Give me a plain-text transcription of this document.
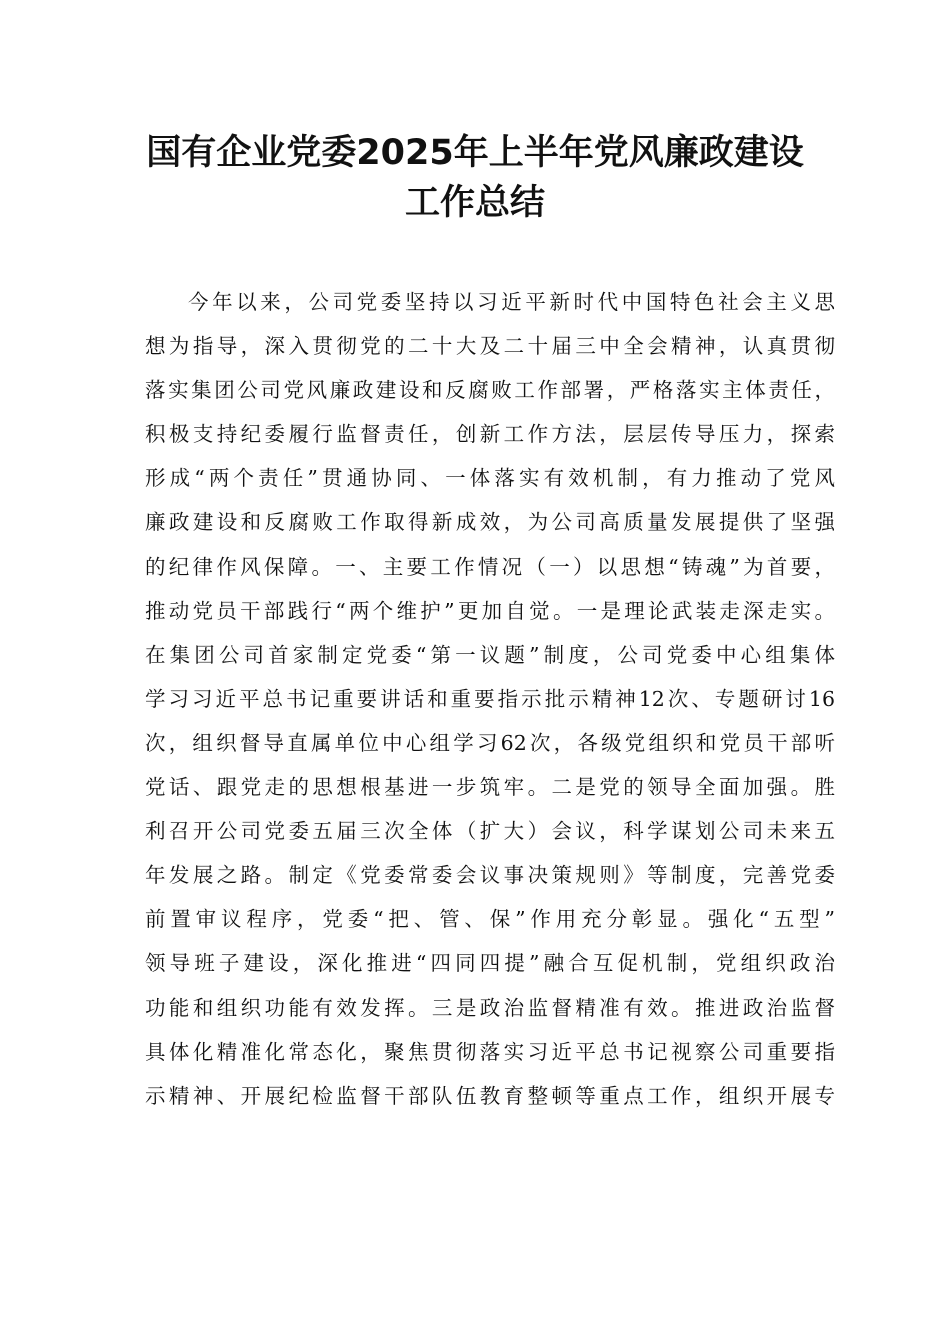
国有企业党委2025年上半年党风廉政建设
工作总结
今年以来，公司党委坚持以习近平新时代中国特色社会主义思
想为指导，深入贯彻党的二十大及二十届三中全会精神，认真贯彻
落实集团公司党风廉政建设和反腐败工作部署，严格落实主体责任，
积极支持纪委履行监督责任，创新工作方法，层层传导压力，探索
形成“两个责任”贯通协同、一体落实有效机制，有力推动了党风
廉政建设和反腐败工作取得新成效，为公司高质量发展提供了坚强
的纪律作风保障。一、主要工作情况（一）以思想“铸魂”为首要，
推动党员干部践行“两个维护”更加自觉。一是理论武装走深走实。
在集团公司首家制定党委“第一议题”制度，公司党委中心组集体
学习习近平总书记重要讲话和重要指示批示精神12次、专题研讨16
次，组织督导直属单位中心组学习62次，各级党组织和党员干部听
党话、跟党走的思想根基进一步筑牢。二是党的领导全面加强。胜
利召开公司党委五届三次全体（扩大）会议，科学谋划公司未来五
年发展之路。制定《党委常委会议事决策规则》等制度，完善党委
前置审议程序，党委“把、管、保”作用充分彰显。强化“五型”
领导班子建设，深化推进“四同四提”融合互促机制，党组织政治
功能和组织功能有效发挥。三是政治监督精准有效。推进政治监督
具体化精准化常态化，聚焦贯彻落实习近平总书记视察公司重要指
示精神、开展纪检监督干部队伍教育整顿等重点工作，组织开展专
